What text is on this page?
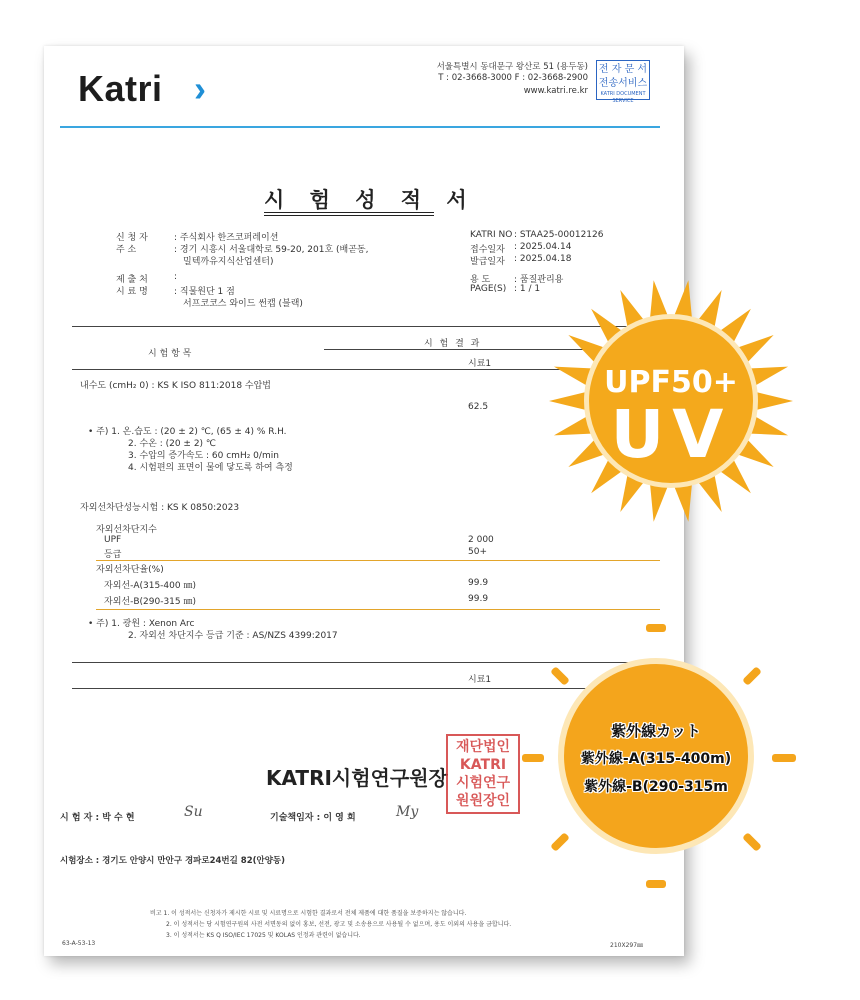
Katri ›
서울특별시 동대문구 왕산로 51 (용두동)
T : 02-3668-3000 F : 02-3668-2900
www.katri.re.kr
전 자 문 서
전송서비스
KATRI DOCUMENT SERVICE
시 험 성 적 서
신 청 자	: 주식회사 한즈코퍼레이션
주 소	: 경기 시흥시 서울대학로 59-20, 201호 (배곧동,
밀텍까유지식산업센터)
제 출 처	:
시 료 명	: 직물원단 1 점
서프코코스 와이드 썬캡 (블랙)
KATRI NO : STAA25-00012126
접수일자 : 2025.04.14
발급일자 : 2025.04.18
용 도	: 품질관리용
PAGE(S) : 1 / 1
시 험 항 목
시 험 결 과
시료1
내수도 (cmH₂ 0) : KS K ISO 811:2018 수압법
62.5
• 주) 1. 온.습도 : (20 ± 2) ℃, (65 ± 4) % R.H.
2. 수온 : (20 ± 2) ℃
3. 수압의 증가속도 : 60 cmH₂ 0/min
4. 시험편의 표면이 물에 닿도록 하여 측정
자외선차단성능시험 : KS K 0850:2023
자외선차단지수
UPF	2 000
등급	50+
자외선차단율(%)
자외선-A(315-400 ㎚)	99.9
자외선-B(290-315 ㎚)	99.9
• 주) 1. 광원 : Xenon Arc
2. 자외선 차단지수 등급 기준 : AS/NZS 4399:2017
시료1
KATRI시험연구원장
재단법인
KATRI
시험연구
원원장인
시 험 자 : 박 수 현	Su	기술책임자 : 이 영 희	My
시험장소 : 경기도 안양시 만안구 경파로24번길 82(안양동)
비고 1. 이 성적서는 신청자가 제시한 시료 및 시료명으로 시험한 결과로서 전체 제품에 대한 품질을 보증하지는 않습니다.
2. 이 성적서는 당 시험연구원의 사전 서면동의 없이 홍보, 선전, 광고 및 소송용으로 사용될 수 없으며, 용도 이외의 사용을 금합니다.
3. 이 성적서는 KS Q ISO/IEC 17025 및 KOLAS 인정과 관련이 없습니다.
63-A-53-13	210X297㎜
UPF50+
UV
紫外線カット
紫外線-A(315-400m)
紫外線-B(290-315m
